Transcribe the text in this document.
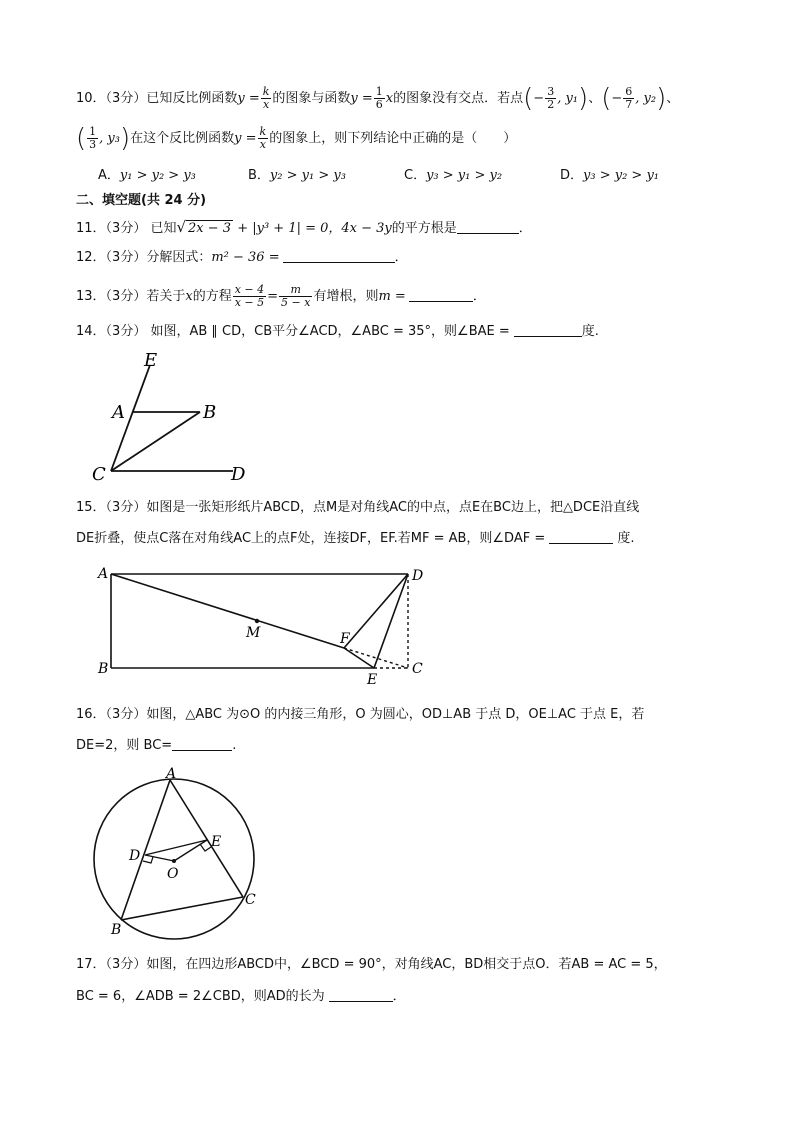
10．（3分）已知反比例函数$y = \frac{k}{x}$ 的图象与函数$y = \frac{1}{6}$ x的图象没有交点．若点(− $\frac{3}{2}$ , y₁)、(− $\frac{6}{7}$ , y₂)、
( $\frac{1}{3}$ , y₃)在这个反比例函数$y = \frac{k}{x}$ 的图象上，则下列结论中正确的是（　　）
A．y₁ > y₂ > y₃	B．y₂ > y₁ > y₃	C．y₃ > y₁ > y₂	D．y₃ > y₂ > y₁
二、填空题(共 24 分)
11．（3分） 已知√ 2x − 3 + |y³ + 1| = 0，4x − 3y的平方根是	．
12．（3分）分解因式：m² − 36 =	．
13．（3分）若关于x的方程 $\frac{x - 4}{x - 5} = \frac{m}{5 - x}$ 有增根，则m =	．
14．（3分） 如图，AB ∥ CD，CB平分∠ACD，∠ABC = 35°，则∠BAE =	度.
E
A	B
C	D
15．（3分）如图是一张矩形纸片ABCD，点M是对角线AC的中点，点E在BC边上，把△DCE沿直线
DE折叠，使点C落在对角线AC上的点F处，连接DF，EF.若MF = AB，则∠DAF =	度.
A	D
M	F
B	C
E
16．（3分）如图，△ABC 为⊙O 的内接三角形，O 为圆心，OD⊥AB 于点 D，OE⊥AC 于点 E，若
DE=2，则 BC=	.
A
E
D
O
C
B
17．（3分）如图，在四边形ABCD中，∠BCD = 90°，对角线AC，BD相交于点O．若AB = AC = 5，
BC = 6，∠ADB = 2∠CBD，则AD的长为	．
